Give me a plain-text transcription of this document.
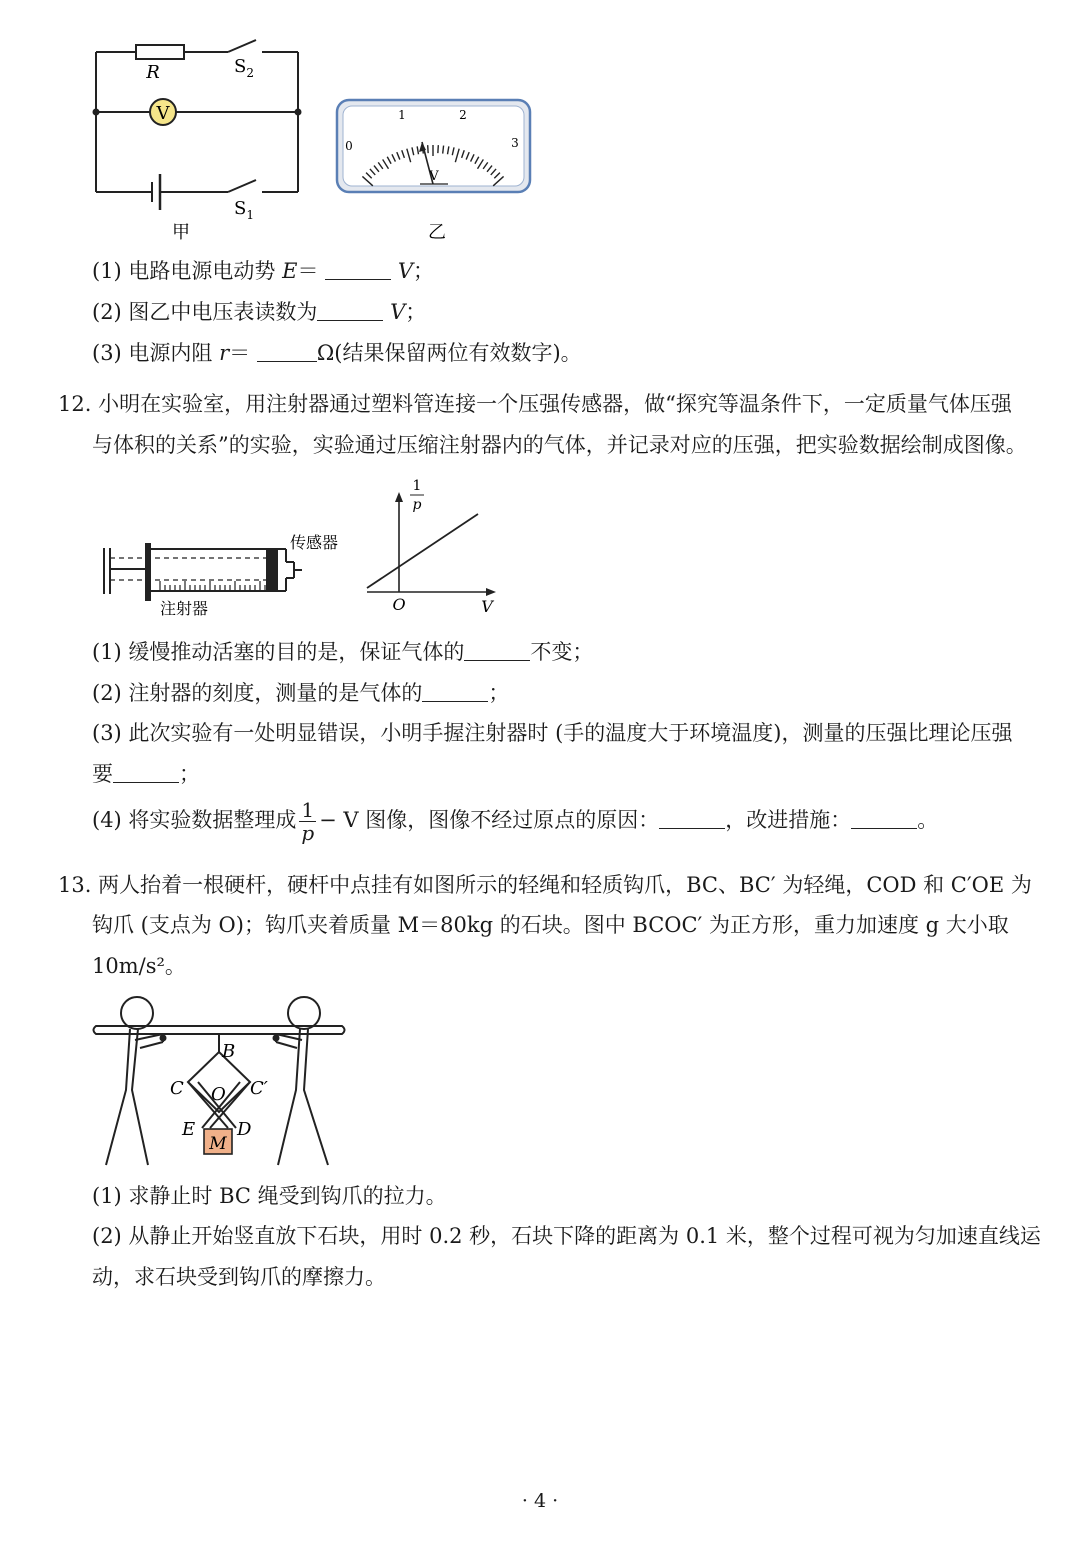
V
R	$S_2$
$S_1$
甲
0
1	2
3
V
乙
(1) 电路电源电动势 E＝	V；
(2) 图乙中电压表读数为	V；
(3) 电源内阻 r＝	Ω(结果保留两位有效数字)。
12. 小明在实验室，用注射器通过塑料管连接一个压强传感器，做“探究等温条件下，一定质量气体压强
与体积的关系”的实验，实验通过压缩注射器内的气体，并记录对应的压强，把实验数据绘制成图像。
传感器
注射器
1
p
O	V
(1) 缓慢推动活塞的目的是，保证气体的	不变；
(2) 注射器的刻度，测量的是气体的	；
(3) 此次实验有一处明显错误，小明手握注射器时 (手的温度大于环境温度)，测量的压强比理论压强
要	；
(4) 将实验数据整理成 $\frac{1}{p} - V$ 图像，图像不经过原点的原因：	，改进措施：	。
13. 两人抬着一根硬杆，硬杆中点挂有如图所示的轻绳和轻质钩爪，BC、BC′ 为轻绳，COD 和 C′OE 为
钩爪 (支点为 O)；钩爪夹着质量 M＝80kg 的石块。图中 BCOC′ 为正方形，重力加速度 g 大小取
10m/s²。
B
C	C′
O
E D
M
(1) 求静止时 BC 绳受到钩爪的拉力。
(2) 从静止开始竖直放下石块，用时 0.2 秒，石块下降的距离为 0.1 米，整个过程可视为匀加速直线运
动，求石块受到钩爪的摩擦力。
· 4 ·
